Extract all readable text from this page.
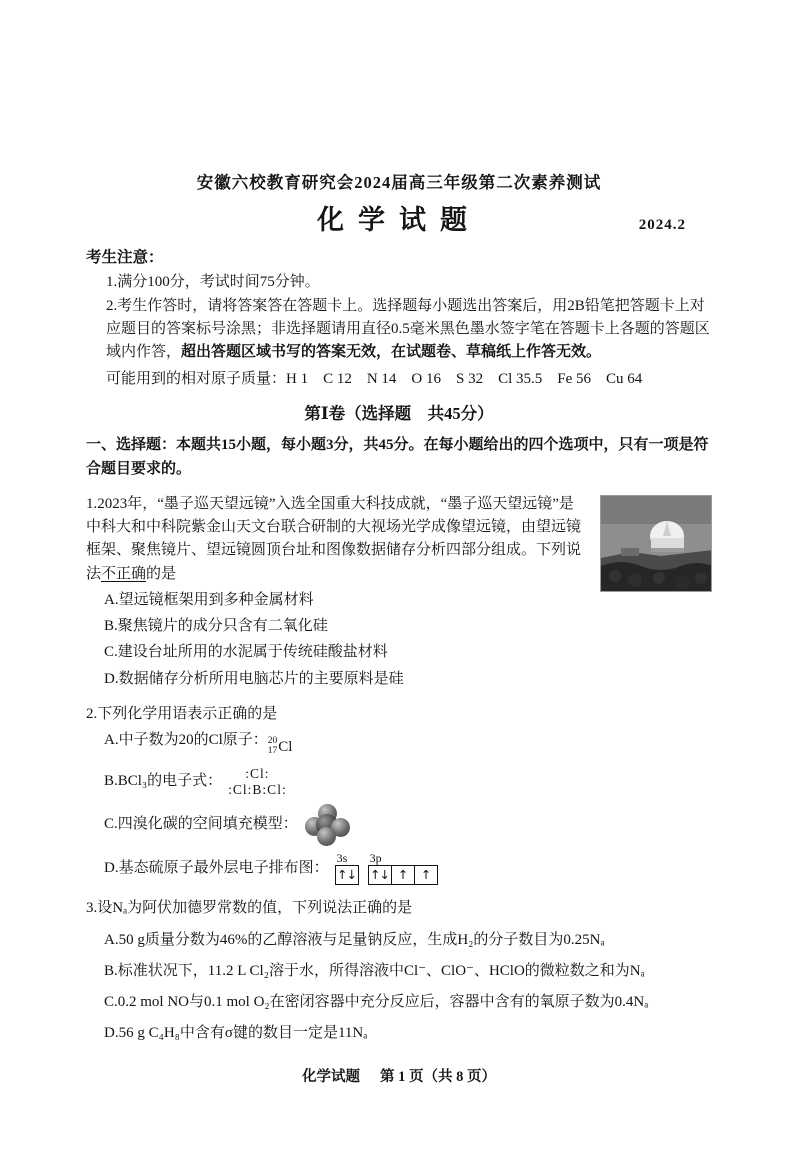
安徽六校教育研究会2024届高三年级第二次素养测试
化学试题	2024.2
考生注意：
1.满分100分，考试时间75分钟。
2.考生作答时，请将答案答在答题卡上。选择题每小题选出答案后，用2B铅笔把答题卡上对应题目的答案标号涂黑；非选择题请用直径0.5毫米黑色墨水签字笔在答题卡上各题的答题区域内作答，超出答题区域书写的答案无效，在试题卷、草稿纸上作答无效。
可能用到的相对原子质量：H 1　C 12　N 14　O 16　S 32　Cl 35.5　Fe 56　Cu 64
第Ⅰ卷（选择题　共45分）
一、选择题：本题共15小题，每小题3分，共45分。在每小题给出的四个选项中，只有一项是符合题目要求的。
1.2023年，“墨子巡天望远镜”入选全国重大科技成就，“墨子巡天望远镜”是中科大和中科院紫金山天文台联合研制的大视场光学成像望远镜，由望远镜框架、聚焦镜片、望远镜圆顶台址和图像数据储存分析四部分组成。下列说法不正确的是
A.望远镜框架用到多种金属材料
B.聚焦镜片的成分只含有二氧化硅
C.建设台址所用的水泥属于传统硅酸盐材料
D.数据储存分析所用电脑芯片的主要原料是硅
2.下列化学用语表示正确的是
A.中子数为20的Cl原子： 20
17 Cl
B.BCl₃的电子式：
:Cl:
:Cl:B:Cl:
C.四溴化碳的空间填充模型：
D.基态硫原子最外层电子排布图：
3s
↑↓
3p
↑↓ ↑	↑
3.设Nₐ为阿伏加德罗常数的值，下列说法正确的是
A.50 g质量分数为46%的乙醇溶液与足量钠反应，生成H₂的分子数目为0.25Nₐ
B.标准状况下，11.2 L Cl₂溶于水，所得溶液中Cl⁻、ClO⁻、HClO的微粒数之和为Nₐ
C.0.2 mol NO与0.1 mol O₂在密闭容器中充分反应后，容器中含有的氧原子数为0.4Nₐ
D.56 g C₄H₈中含有σ键的数目一定是11Nₐ
化学试题 第 1 页（共 8 页）
